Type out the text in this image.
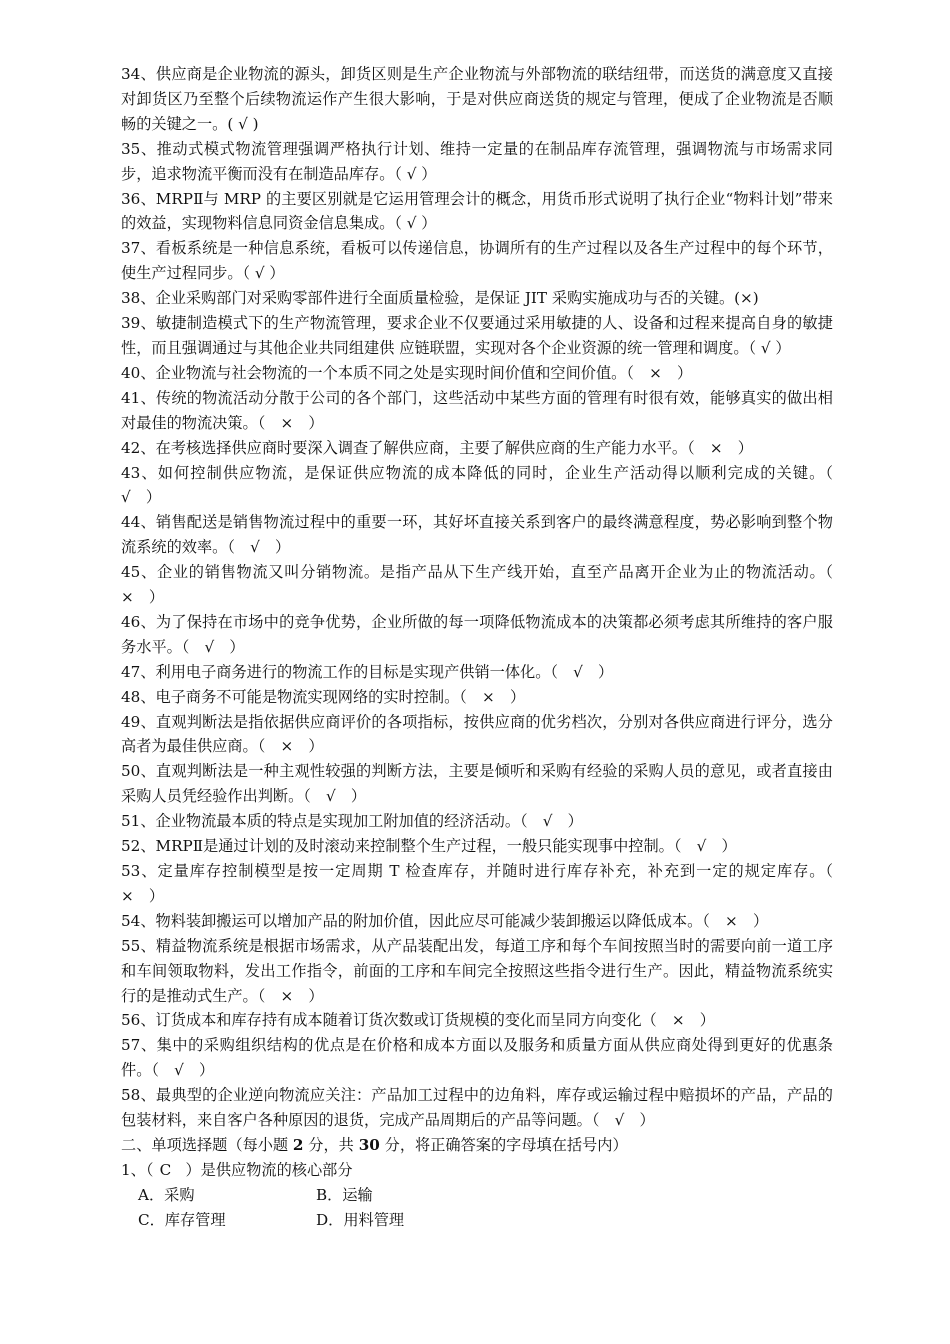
34、供应商是企业物流的源头，卸货区则是生产企业物流与外部物流的联结纽带，而送货的满意度又直接对卸货区乃至整个后续物流运作产生很大影响，于是对供应商送货的规定与管理，便成了企业物流是否顺畅的关键之一。( √ )

35、推动式模式物流管理强调严格执行计划、维持一定量的在制品库存流管理，强调物流与市场需求同步，追求物流平衡而没有在制造品库存。（ √ ）

36、MRPⅡ与 MRP 的主要区别就是它运用管理会计的概念，用货币形式说明了执行企业“物料计划”带来的效益，实现物料信息同资金信息集成。（ √ ）

37、看板系统是一种信息系统，看板可以传递信息，协调所有的生产过程以及各生产过程中的每个环节，使生产过程同步。（ √ ）

38、企业采购部门对采购零部件进行全面质量检验，是保证 JIT 采购实施成功与否的关键。(×)

39、敏捷制造模式下的生产物流管理，要求企业不仅要通过采用敏捷的人、设备和过程来提高自身的敏捷性，而且强调通过与其他企业共同组建供 应链联盟，实现对各个企业资源的统一管理和调度。（ √ ）

40、企业物流与社会物流的一个本质不同之处是实现时间价值和空间价值。（　×　）

41、传统的物流活动分散于公司的各个部门，这些活动中某些方面的管理有时很有效，能够真实的做出相对最佳的物流决策。（　×　）

42、在考核选择供应商时要深入调查了解供应商，主要了解供应商的生产能力水平。（　×　）

43、如何控制供应物流，是保证供应物流的成本降低的同时，企业生产活动得以顺利完成的关键。（　√　）

44、销售配送是销售物流过程中的重要一环，其好坏直接关系到客户的最终满意程度，势必影响到整个物流系统的效率。（　√　）

45、企业的销售物流又叫分销物流。是指产品从下生产线开始，直至产品离开企业为止的物流活动。（　×　）

46、为了保持在市场中的竞争优势，企业所做的每一项降低物流成本的决策都必须考虑其所维持的客户服务水平。（　√　）

47、利用电子商务进行的物流工作的目标是实现产供销一体化。（　√　）

48、电子商务不可能是物流实现网络的实时控制。（　×　）

49、直观判断法是指依据供应商评价的各项指标，按供应商的优劣档次，分别对各供应商进行评分，选分高者为最佳供应商。（　×　）

50、直观判断法是一种主观性较强的判断方法，主要是倾听和采购有经验的采购人员的意见，或者直接由采购人员凭经验作出判断。（　√　）

51、企业物流最本质的特点是实现加工附加值的经济活动。（　√　）

52、MRPⅡ是通过计划的及时滚动来控制整个生产过程，一般只能实现事中控制。（　√　）

53、定量库存控制模型是按一定周期 T 检查库存，并随时进行库存补充，补充到一定的规定库存。（　×　）

54、物料装卸搬运可以增加产品的附加价值，因此应尽可能减少装卸搬运以降低成本。（　×　）

55、精益物流系统是根据市场需求，从产品装配出发，每道工序和每个车间按照当时的需要向前一道工序和车间领取物料，发出工作指令，前面的工序和车间完全按照这些指令进行生产。因此，精益物流系统实行的是推动式生产。（　×　）

56、订货成本和库存持有成本随着订货次数或订货规模的变化而呈同方向变化（　×　）

57、集中的采购组织结构的优点是在价格和成本方面以及服务和质量方面从供应商处得到更好的优惠条件。（　√　）

58、最典型的企业逆向物流应关注：产品加工过程中的边角料，库存或运输过程中赔损坏的产品，产品的包装材料，来自客户各种原因的退货，完成产品周期后的产品等问题。（　√　）

二、单项选择题（每小题 2 分，共 30 分，将正确答案的字母填在括号内）
1、（ C ）是供应物流的核心部分
A．采购	B．运输
C．库存管理	D．用料管理
